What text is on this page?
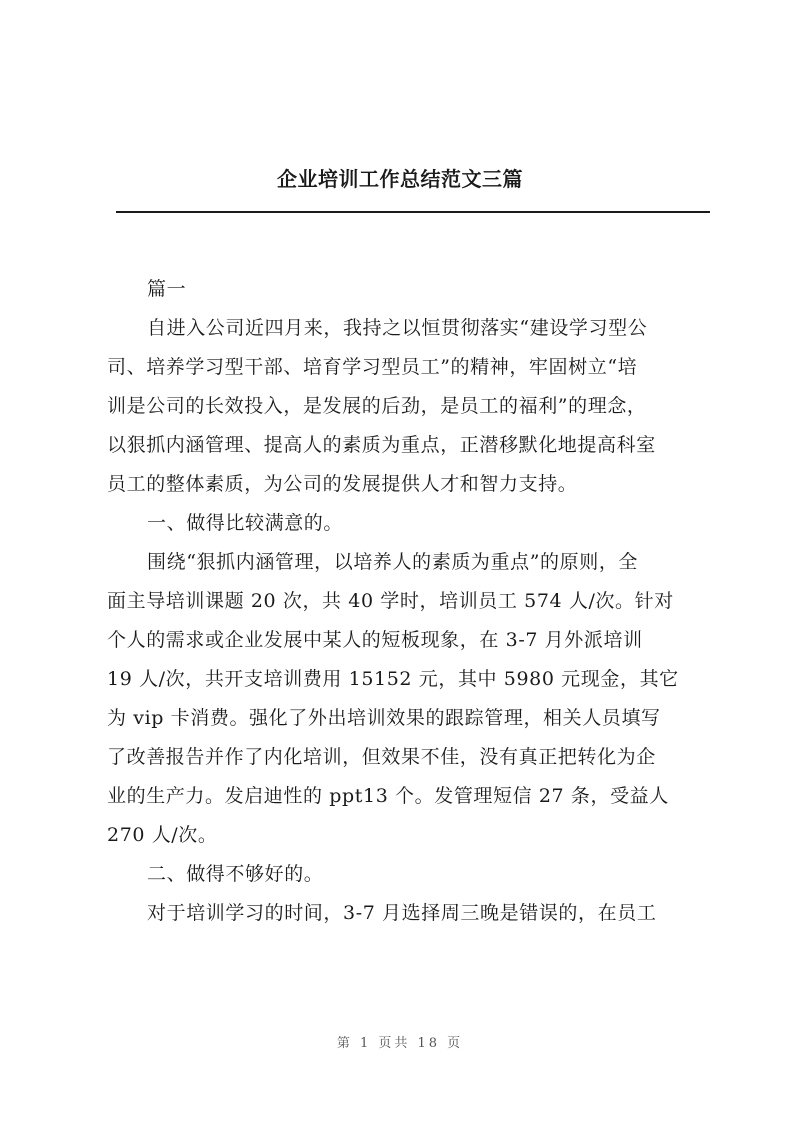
企业培训工作总结范文三篇

篇一

自进入公司近四月来，我持之以恒贯彻落实“建设学习型公
司、培养学习型干部、培育学习型员工”的精神，牢固树立“培
训是公司的长效投入，是发展的后劲，是员工的福利”的理念，
以狠抓内涵管理、提高人的素质为重点，正潜移默化地提高科室
员工的整体素质，为公司的发展提供人才和智力支持。

一、做得比较满意的。

围绕“狠抓内涵管理，以培养人的素质为重点”的原则，全
面主导培训课题 20 次，共 40 学时，培训员工 574 人/次。针对
个人的需求或企业发展中某人的短板现象，在 3-7 月外派培训
19 人/次，共开支培训费用 15152 元，其中 5980 元现金，其它
为 vip 卡消费。强化了外出培训效果的跟踪管理，相关人员填写
了改善报告并作了内化培训，但效果不佳，没有真正把转化为企
业的生产力。发启迪性的 ppt13 个。发管理短信 27 条，受益人
270 人/次。

二、做得不够好的。

对于培训学习的时间，3-7 月选择周三晚是错误的，在员工

第 1 页共 18 页
